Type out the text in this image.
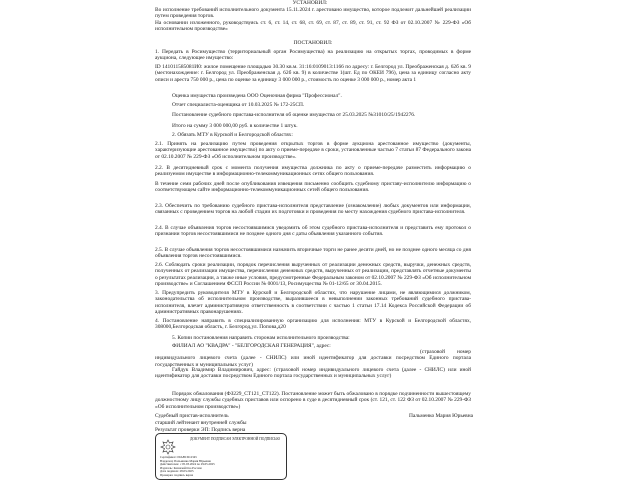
УСТАНОВИЛ:

Во исполнение требований исполнительного документа 15.11.2024 г. арестовано имущество, которое подлежит дальнейшей реализации путем проведения торгов.

На основании изложенного, руководствуясь ст. 6, ст. 14, ст. 68, ст. 69, ст. 87, ст. 89, ст. 91, ст. 92 ФЗ от 02.10.2007 № 229-ФЗ «Об исполнительном производстве»

ПОСТАНОВИЛ:

1. Передать в Росимущество (территориальный орган Росимущества) на реализацию на открытых торгах, проводимых в форме аукциона, следующее имущество:

ID 141011585081И0: жилое помещение площадью 30.30 кв.м. 31:16:0109013:1166 по адресу: г. Белгород ул. Преображенская д. 62б кв. 9 (местонахождение: г. Белгород ул. Преображенская д. 62б кв. 9) в количестве 1(шт. Ед по ОКЕИ 796), цена за единицу согласно акту описи и ареста 750 000 р., цена по оценке за единицу 3 000 000 р., стоимость по оценке 3 000 000 р., номер акта 1

Оценка имущества произведена ООО Оценочная фирма "Профессионал".

Отчет специалиста-оценщика от 10.03.2025 № 172-25СП.

Постановление судебного пристава-исполнителя об оценке имущества от 25.03.2025 №31010/25/1942276.

Итого на сумму 3 000 000,00 руб. в количестве 1 штук.

2. Обязать МТУ в Курской и Белгородской областях:

2.1. Принять на реализацию путем проведения открытых торгов в форме аукциона арестованное имущество (документы, характеризующие арестованное имущество) по акту о приеме-передаче в сроки, установленные частью 7 статьи 87 Федерального закона от 02.10.2007 № 229-ФЗ «Об исполнительном производстве».

2.2. В десятидневный срок с момента получения имущества должника по акту о приеме-передаче разместить информацию о реализуемом имуществе в информационно-телекоммуникационных сетях общего пользования.

В течение семи рабочих дней после опубликования извещения письменно сообщить судебному приставу-исполнителю информацию о соответствующем сайте информационно-телекоммуникационных сетей общего пользования.

2.3. Обеспечить по требованию судебного пристава-исполнителя представление (ознакомление) любых документов или информации, связанных с проведением торгов на любой стадии их подготовки и проведения по месту нахождения судебного пристава-исполнителя.

2.4. В случае объявления торгов несостоявшимися уведомить об этом судебного пристава-исполнителя и представить ему протокол о признании торгов несостоявшимися не позднее одного дня с даты объявления указанного события.

2.5. В случае объявления торгов несостоявшимися назначить вторичные торги не ранее десяти дней, но не позднее одного месяца со дня объявления торгов несостоявшимися.

2.6. Соблюдать сроки реализации, порядок перечисления вырученных от реализации денежных средств, выручки, денежных средств, полученных от реализации имущества, перечисления денежных средств, вырученных от реализации, представлять отчетные документы о результатах реализации, а также иные условия, предусмотренные Федеральным законом от 02.10.2007 № 229-ФЗ «Об исполнительном производстве» и Соглашением ФССП России № 0001/13, Росимущества № 01-12/65 от 30.04.2015.

3. Предупредить руководителя МТУ в Курской и Белгородской областях, что нарушение лицами, не являющимися должником, законодательства об исполнительном производстве, выразившееся в невыполнении законных требований судебного пристава-исполнителя, влечет административную ответственность в соответствии с частью 1 статьи 17.14 Кодекса Российской Федерации об административных правонарушениях.

4. Постановление направить в специализированную организацию для исполнения: МТУ в Курской и Белгородской областях, 308000,Белгородская область, г. Белгород,ул. Попова,д20

5. Копии постановления направить сторонам исполнительного производства:

ФИЛИАЛ АО "КВАДРА" - "БЕЛГОРОДСКАЯ ГЕНЕРАЦИЯ", адрес:

(страховой номер индивидуального лицевого счета (далее - СНИЛС) или иной идентификатор для доставки посредством Единого портала государственных и муниципальных услуг)

Гайдук Владимир Владимирович, адрес: (страховой номер индивидуального лицевого счета (далее - СНИЛС) или иной идентификатор для доставки посредством Единого портала государственных и муниципальных услуг)

Порядок обжалования (ФЗ229_СТ121_СТ122). Постановление может быть обжаловано в порядке подчиненности вышестоящему должностному лицу службы судебных приставов или оспорено в суде в десятидневный срок (ст. 121, ст. 122 ФЗ от 02.10.2007 № 229-ФЗ «Об исполнительном производстве»)

Судебный пристав-исполнитель	Пальменко Мария Юрьевна

старший лейтенант внутренней службы

Результат проверки ЭП: Подпись верна

ДОКУМЕНТ ПОДПИСАН ЭЛЕКТРОННОЙ ПОДПИСЬЮ
Сертификат: 00ABCD12345
Владелец: Пальменко Мария Юрьевна
Действителен: с 05.03.2024 по 29.05.2025
Издатель: Казначейство России
Дата подписи: 28.03.2025
Проверка: подпись верна
